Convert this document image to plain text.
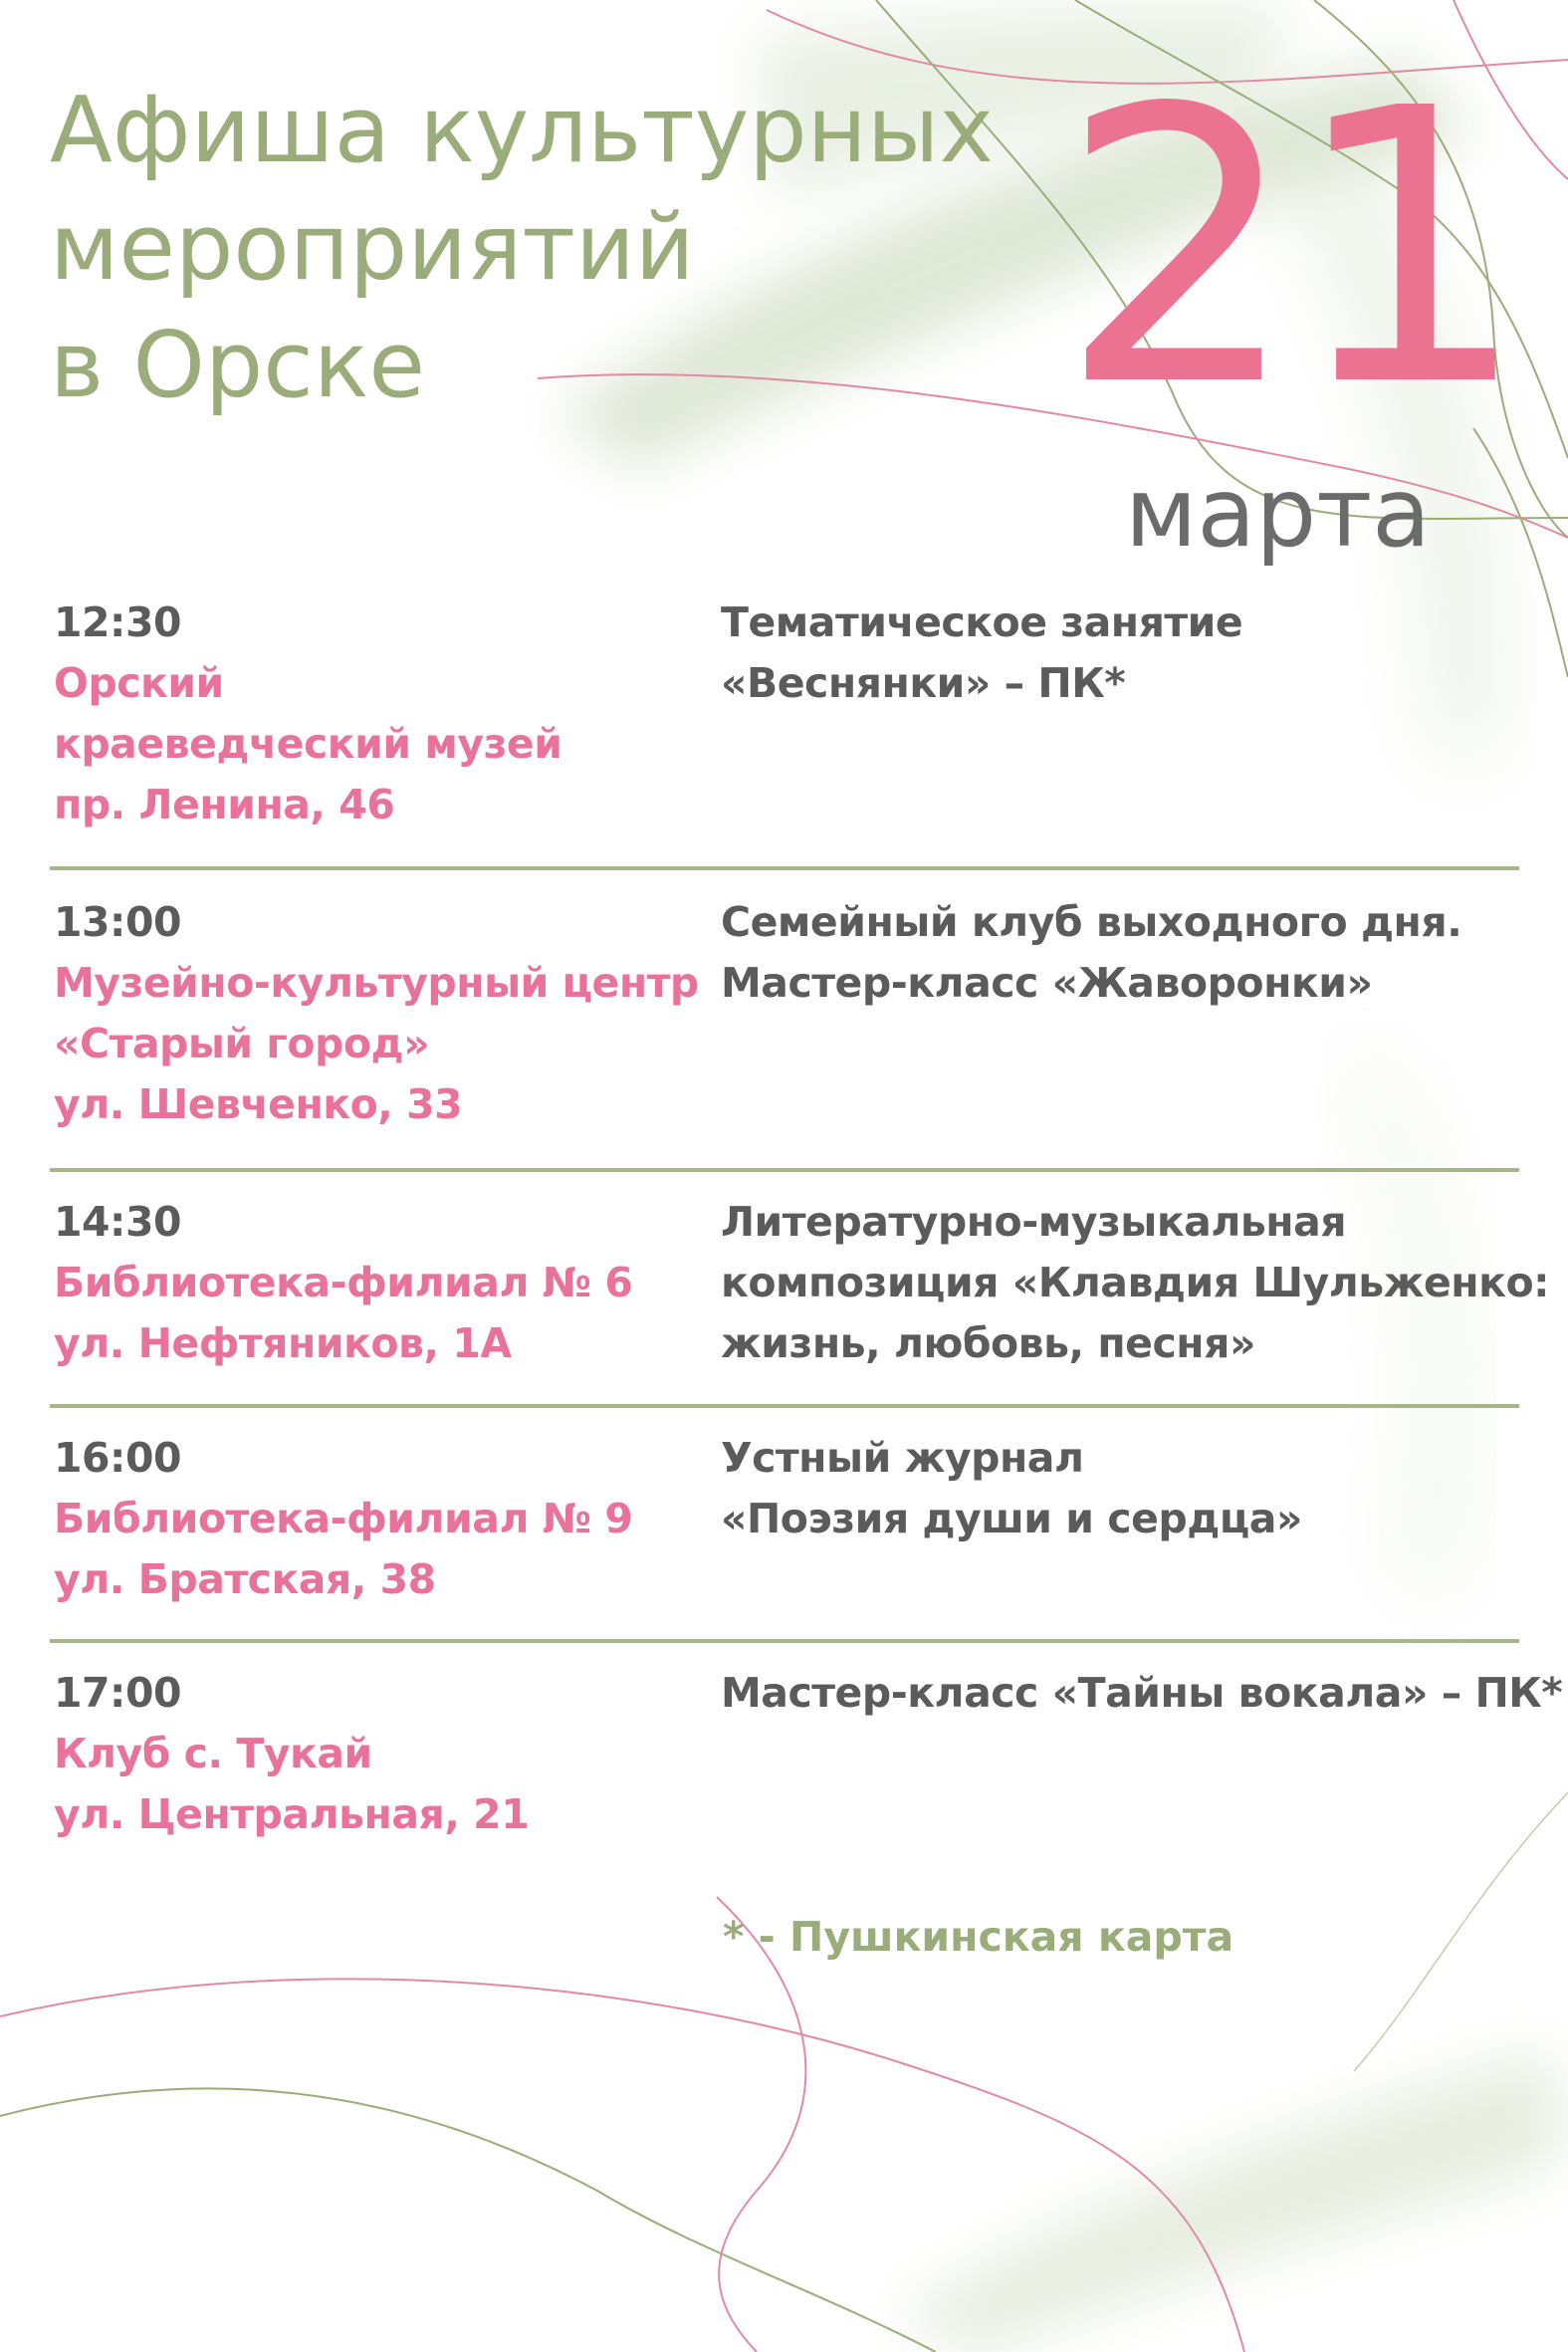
Афиша культурных
мероприятий
в Орске	21
марта
12:30
Орский
краеведческий музей
пр. Ленина, 46
Тематическое занятие
«Веснянки» – ПК*
13:00
Музейно-культурный центр
«Старый город»
ул. Шевченко, 33
Семейный клуб выходного дня.
Мастер-класс «Жаворонки»
14:30
Библиотека-филиал № 6
ул. Нефтяников, 1А
Литературно-музыкальная
композиция «Клавдия Шульженко:
жизнь, любовь, песня»
16:00
Библиотека-филиал № 9
ул. Братская, 38
Устный журнал
«Поэзия души и сердца»
17:00
Клуб с. Тукай
ул. Центральная, 21
Мастер-класс «Тайны вокала» – ПК*
* - Пушкинская карта
